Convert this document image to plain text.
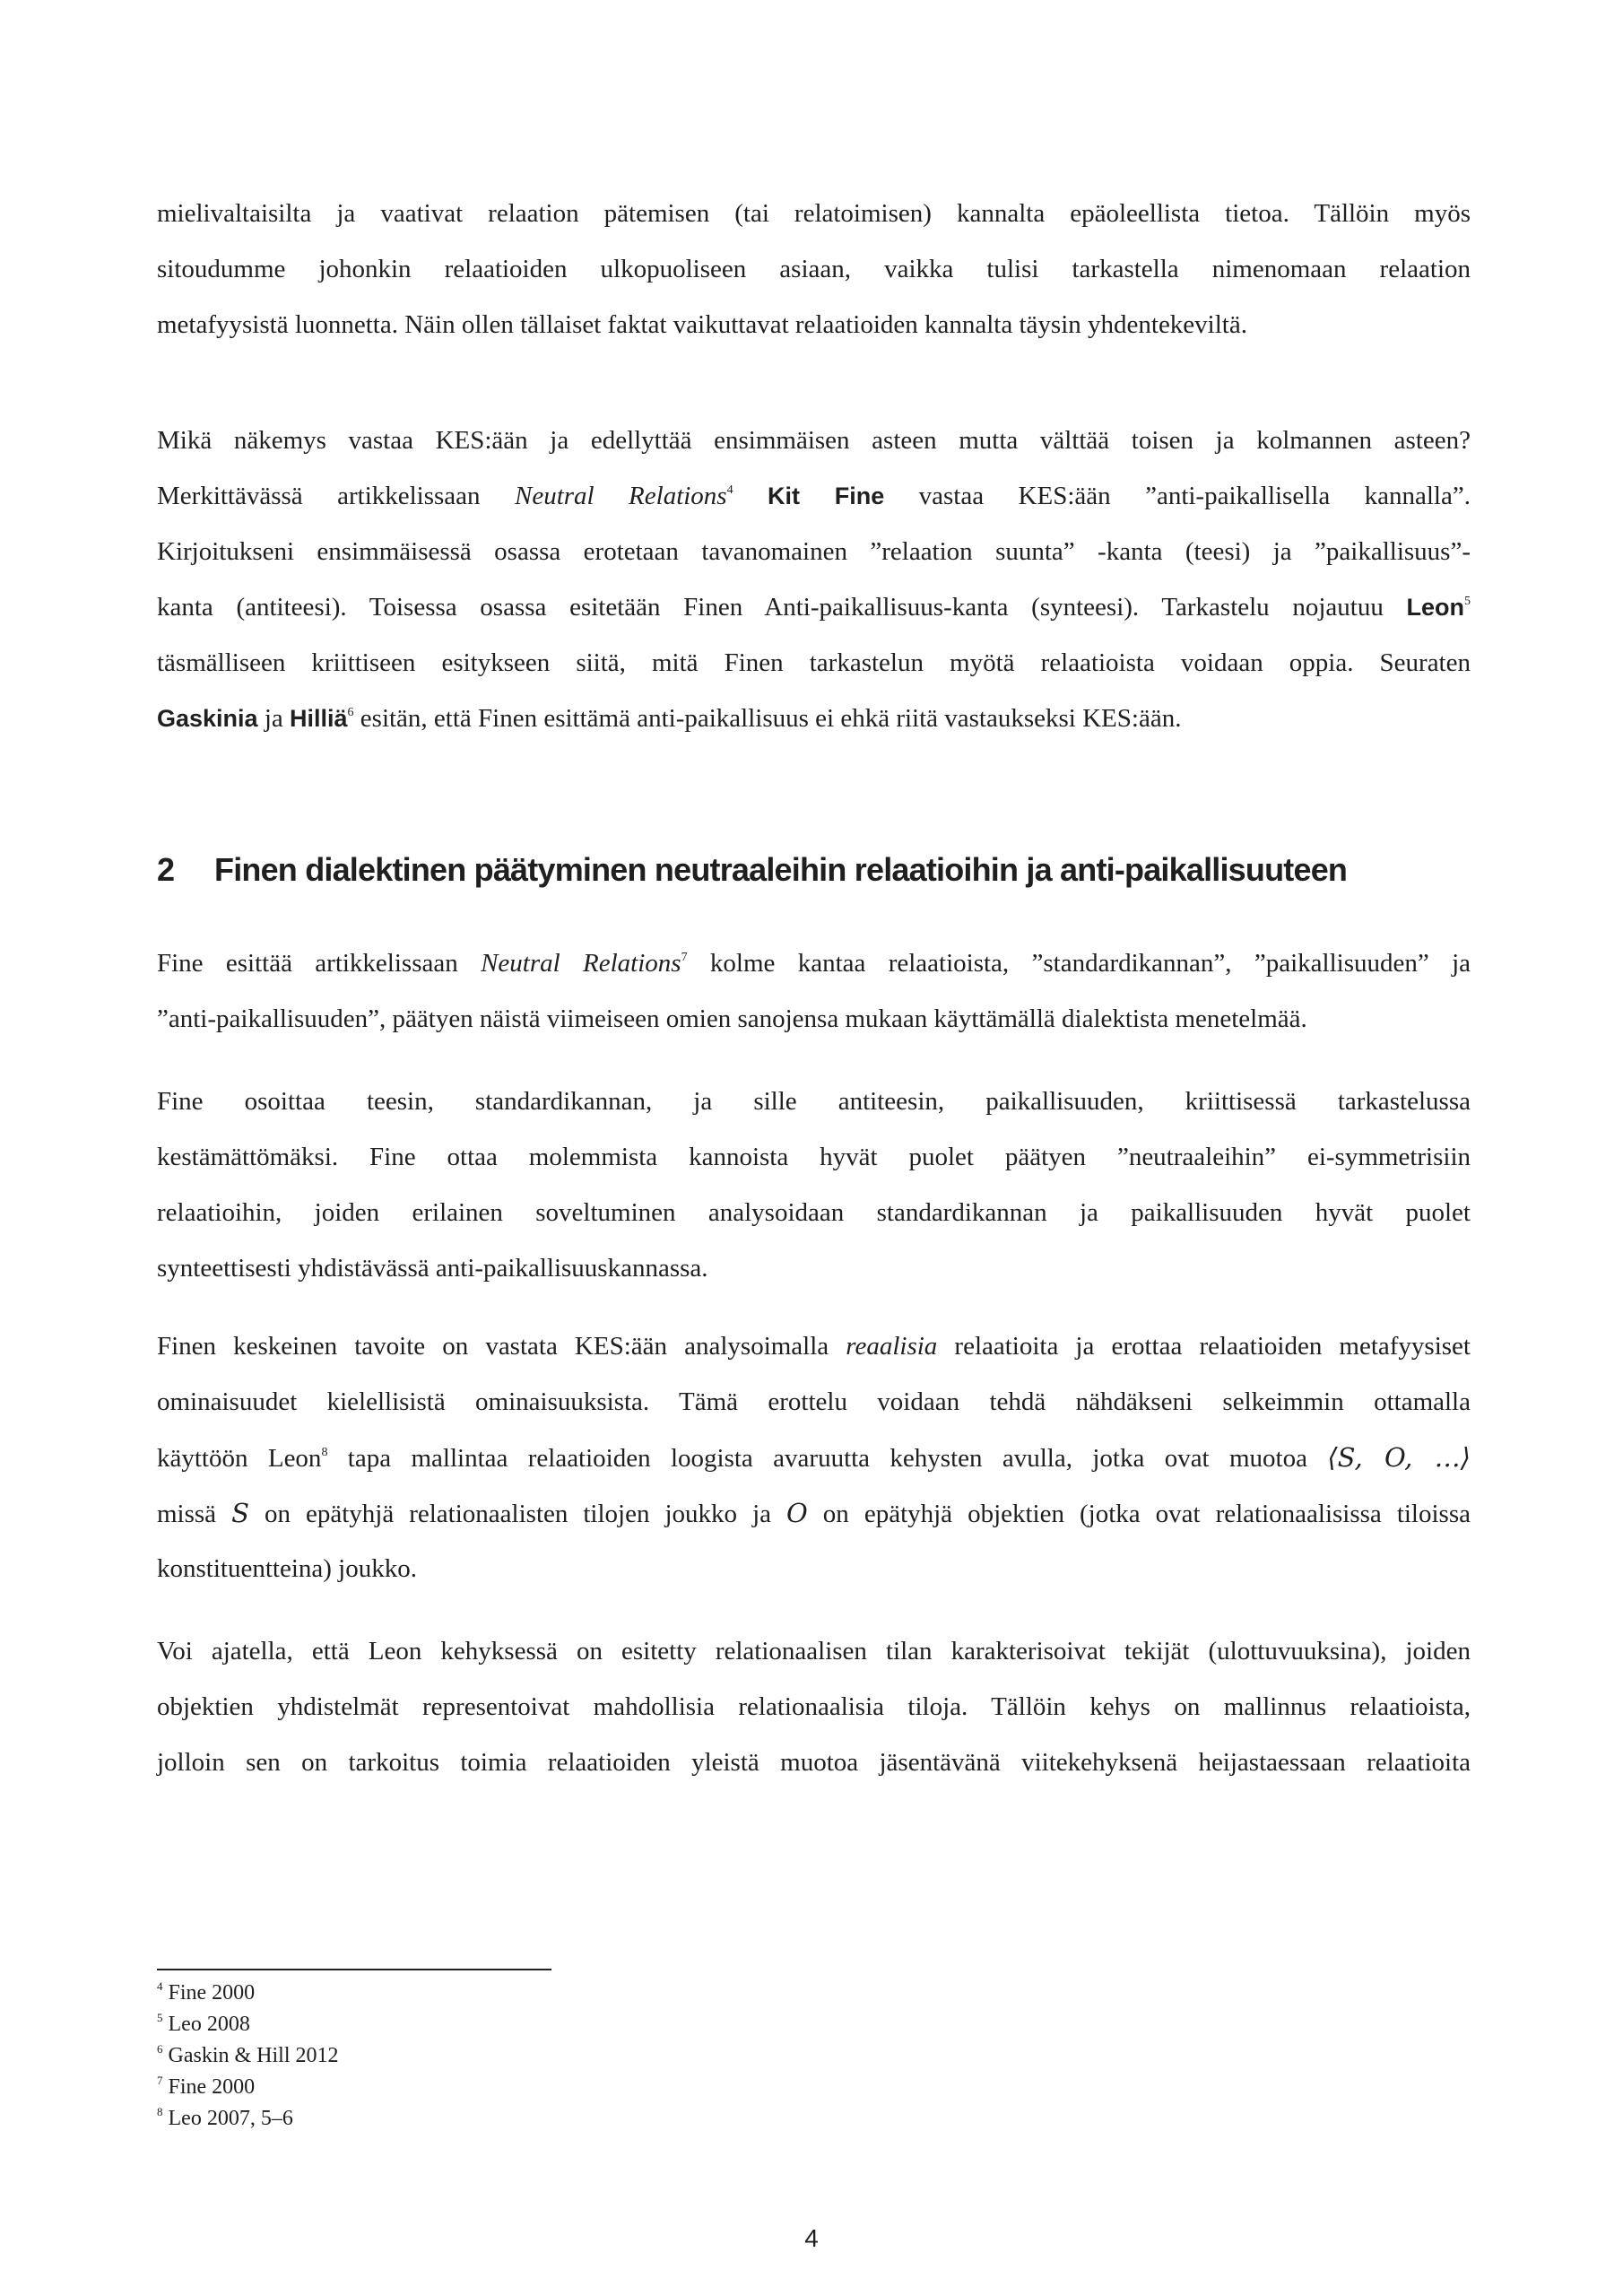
mielivaltaisilta ja vaativat relaation pätemisen (tai relatoimisen) kannalta epäoleellista tietoa. Tällöin myös
sitoudumme johonkin relaatioiden ulkopuoliseen asiaan, vaikka tulisi tarkastella nimenomaan relaation
metafyysistä luonnetta. Näin ollen tällaiset faktat vaikuttavat relaatioiden kannalta täysin yhdentekeviltä.
Mikä näkemys vastaa KES:ään ja edellyttää ensimmäisen asteen mutta välttää toisen ja kolmannen asteen?
Merkittävässä artikkelissaan Neutral Relations$^4$ Kit Fine vastaa KES:ään ”anti-paikallisella kannalla”.
Kirjoitukseni ensimmäisessä osassa erotetaan tavanomainen ”relaation suunta” -kanta (teesi) ja ”paikallisuus”-
kanta (antiteesi). Toisessa osassa esitetään Finen Anti-paikallisuus-kanta (synteesi). Tarkastelu nojautuu Leon$^5$
täsmälliseen kriittiseen esitykseen siitä, mitä Finen tarkastelun myötä relaatioista voidaan oppia. Seuraten
Gaskinia ja Hilliä$^6$ esitän, että Finen esittämä anti-paikallisuus ei ehkä riitä vastaukseksi KES:ään.
2 Finen dialektinen päätyminen neutraaleihin relaatioihin ja anti-paikallisuuteen
Fine esittää artikkelissaan Neutral Relations$^7$ kolme kantaa relaatioista, ”standardikannan”, ”paikallisuuden” ja
”anti-paikallisuuden”, päätyen näistä viimeiseen omien sanojensa mukaan käyttämällä dialektista menetelmää.
Fine osoittaa teesin, standardikannan, ja sille antiteesin, paikallisuuden, kriittisessä tarkastelussa
kestämättömäksi. Fine ottaa molemmista kannoista hyvät puolet päätyen ”neutraaleihin” ei-symmetrisiin
relaatioihin, joiden erilainen soveltuminen analysoidaan standardikannan ja paikallisuuden hyvät puolet
synteettisesti yhdistävässä anti-paikallisuuskannassa.
Finen keskeinen tavoite on vastata KES:ään analysoimalla reaalisia relaatioita ja erottaa relaatioiden metafyysiset
ominaisuudet kielellisistä ominaisuuksista. Tämä erottelu voidaan tehdä nähdäkseni selkeimmin ottamalla
käyttöön Leon$^8$ tapa mallintaa relaatioiden loogista avaruutta kehysten avulla, jotka ovat muotoa ⟨S, O, …⟩
missä S on epätyhjä relationaalisten tilojen joukko ja O on epätyhjä objektien (jotka ovat relationaalisissa tiloissa
konstituentteina) joukko.
Voi ajatella, että Leon kehyksessä on esitetty relationaalisen tilan karakterisoivat tekijät (ulottuvuuksina), joiden
objektien yhdistelmät representoivat mahdollisia relationaalisia tiloja. Tällöin kehys on mallinnus relaatioista,
jolloin sen on tarkoitus toimia relaatioiden yleistä muotoa jäsentävänä viitekehyksenä heijastaessaan relaatioita
$^4$ Fine 2000
$^5$ Leo 2008
$^6$ Gaskin & Hill 2012
$^7$ Fine 2000
$^8$ Leo 2007, 5–6
4
